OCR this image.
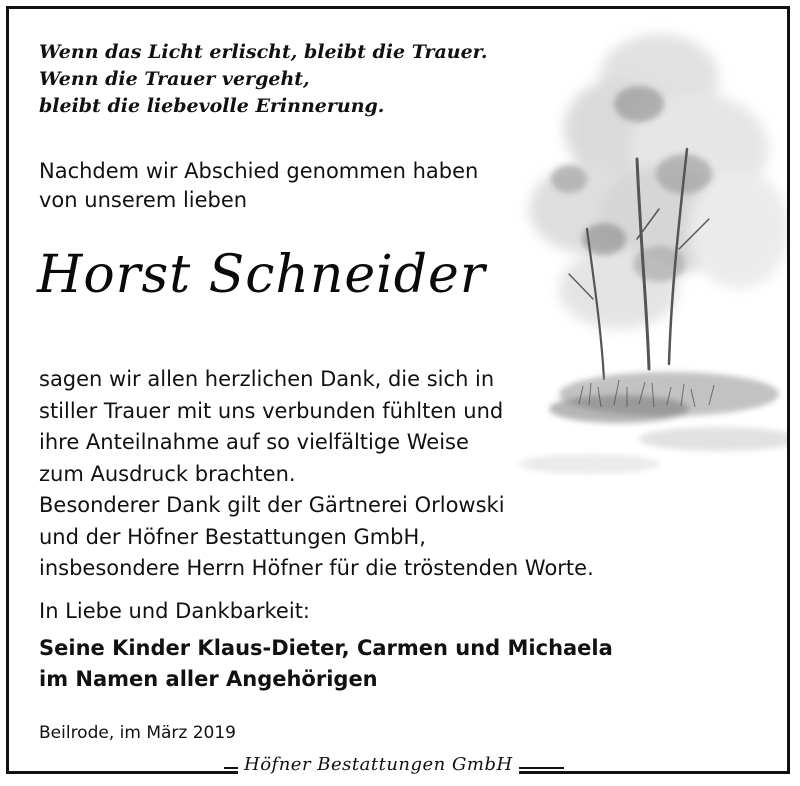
Wenn das Licht erlischt, bleibt die Trauer.
Wenn die Trauer vergeht,
bleibt die liebevolle Erinnerung.
Nachdem wir Abschied genommen haben
von unserem lieben
Horst Schneider
sagen wir allen herzlichen Dank, die sich in
stiller Trauer mit uns verbunden fühlten und
ihre Anteilnahme auf so vielfältige Weise
zum Ausdruck brachten.
Besonderer Dank gilt der Gärtnerei Orlowski
und der Höfner Bestattungen GmbH,
insbesondere Herrn Höfner für die tröstenden Worte.
In Liebe und Dankbarkeit:
Seine Kinder Klaus-Dieter, Carmen und Michaela
im Namen aller Angehörigen
Beilrode, im März 2019
Höfner Bestattungen GmbH
